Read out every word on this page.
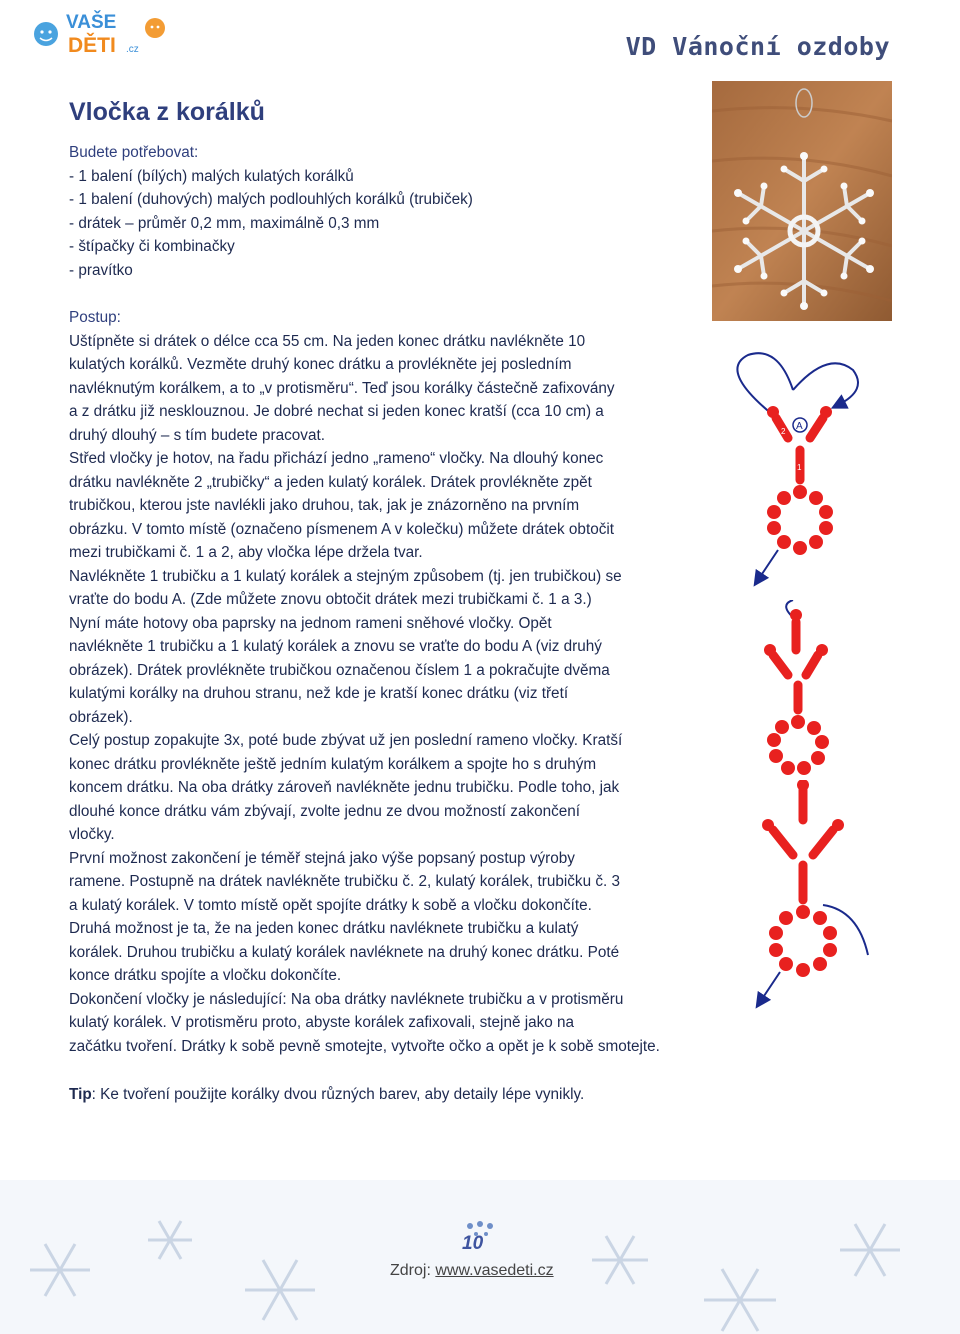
VAŠE
DĚTI .cz	VD Vánoční ozdoby
Vločka z korálků

Budete potřebovat:

- 1 balení (bílých) malých kulatých korálků

- 1 balení (duhových) malých podlouhlých korálků (trubiček)

- drátek – průměr 0,2 mm, maximálně 0,3 mm

- štípačky či kombinačky

- pravítko

Postup:

Uštípněte si drátek o délce cca 55 cm. Na jeden konec drátku navlékněte 10

kulatých korálků. Vezměte druhý konec drátku a provlékněte jej posledním

navléknutým korálkem, a to „v protisměru“. Teď jsou korálky částečně zafixovány

a z drátku již nesklouznou. Je dobré nechat si jeden konec kratší (cca 10 cm) a

druhý dlouhý – s tím budete pracovat.

Střed vločky je hotov, na řadu přichází jedno „rameno“ vločky. Na dlouhý konec

drátku navlékněte 2 „trubičky“ a jeden kulatý korálek. Drátek provlékněte zpět

trubičkou, kterou jste navlékli jako druhou, tak, jak je znázorněno na prvním

obrázku. V tomto místě (označeno písmenem A v kolečku) můžete drátek obtočit

mezi trubičkami č. 1 a 2, aby vločka lépe držela tvar.

Navlékněte 1 trubičku a 1 kulatý korálek a stejným způsobem (tj. jen trubičkou) se

vraťte do bodu A. (Zde můžete znovu obtočit drátek mezi trubičkami č. 1 a 3.)

Nyní máte hotovy oba paprsky na jednom rameni sněhové vločky. Opět

navlékněte 1 trubičku a 1 kulatý korálek a znovu se vraťte do bodu A (viz druhý

obrázek). Drátek provlékněte trubičkou označenou číslem 1 a pokračujte dvěma

kulatými korálky na druhou stranu, než kde je kratší konec drátku (viz třetí

obrázek).

Celý postup zopakujte 3x, poté bude zbývat už jen poslední rameno vločky. Kratší

konec drátku provlékněte ještě jedním kulatým korálkem a spojte ho s druhým

koncem drátku. Na oba drátky zároveň navlékněte jednu trubičku. Podle toho, jak

dlouhé konce drátku vám zbývají, zvolte jednu ze dvou možností zakončení

vločky.

První možnost zakončení je téměř stejná jako výše popsaný postup výroby

ramene. Postupně na drátek navlékněte trubičku č. 2, kulatý korálek, trubičku č. 3

a kulatý korálek. V tomto místě opět spojíte drátky k sobě a vločku dokončíte.

Druhá možnost je ta, že na jeden konec drátku navléknete trubičku a kulatý

korálek. Druhou trubičku a kulatý korálek navléknete na druhý konec drátku. Poté

konce drátku spojíte a vločku dokončíte.

Dokončení vločky je následující: Na oba drátky navléknete trubičku a v protisměru

kulatý korálek. V protisměru proto, abyste korálek zafixovali, stejně jako na

začátku tvoření. Drátky k sobě pevně smotejte, vytvořte očko a opět je k sobě smotejte.

Tip: Ke tvoření použijte korálky dvou různých barev, aby detaily lépe vynikly.
A
2
1
10
Zdroj: www.vasedeti.cz
